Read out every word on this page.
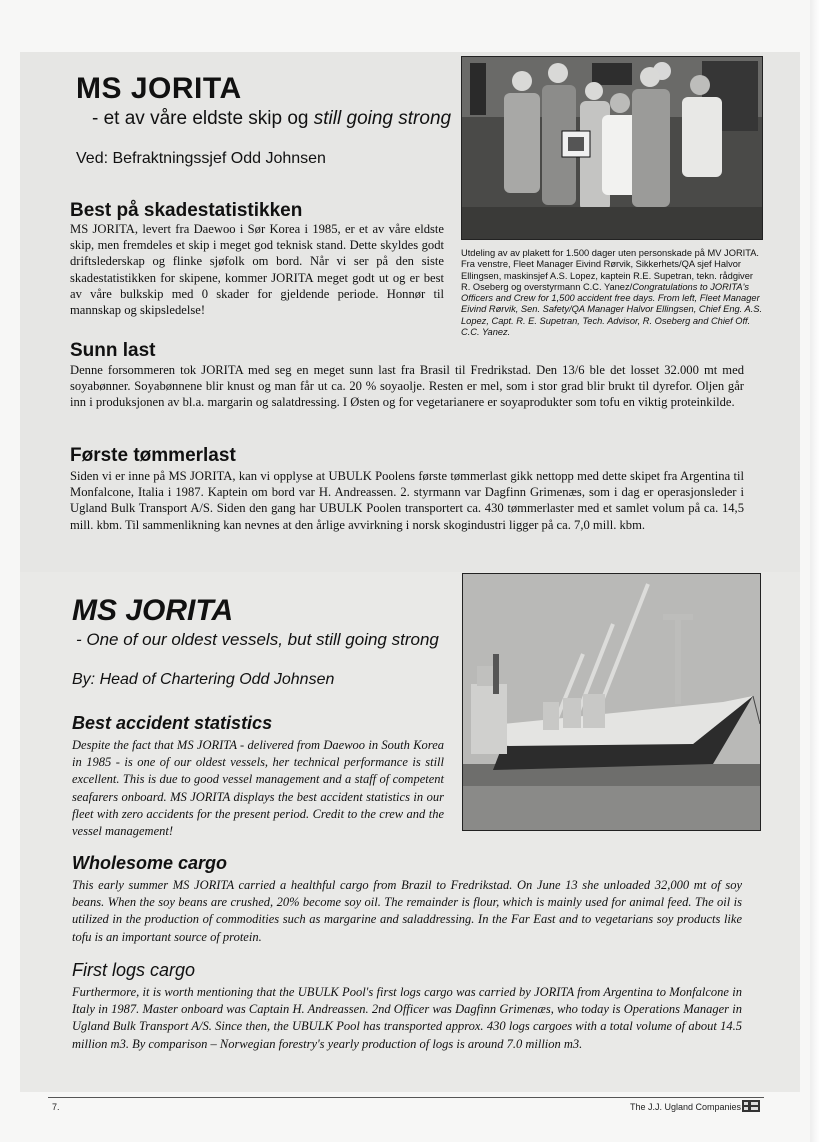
MS JORITA
- et av våre eldste skip og still going strong
Ved: Befraktningssjef Odd Johnsen
Utdeling av av plakett for 1.500 dager uten personskade på MV JORITA. Fra venstre, Fleet Manager Eivind Rørvik, Sikkerhets/QA sjef Halvor Ellingsen, maskinsjef A.S. Lopez, kaptein R.E. Supetran, tekn. rådgiver R. Oseberg og overstyrmann C.C. Yanez/Congratulations to JORITA's Officers and Crew for 1,500 accident free days. From left, Fleet Manager Eivind Rørvik, Sen. Safety/QA Manager Halvor Ellingsen, Chief Eng. A.S. Lopez, Capt. R. E. Supetran, Tech. Advisor, R. Oseberg and Chief Off. C.C. Yanez.
Best på skadestatistikken
MS JORITA, levert fra Daewoo i Sør Korea i 1985, er et av våre eldste skip, men fremdeles et skip i meget god teknisk stand. Dette skyldes godt driftslederskap og flinke sjøfolk om bord. Når vi ser på den siste skadestatistikken for skipene, kommer JORITA meget godt ut og er best av våre bulkskip med 0 skader for gjeldende periode. Honnør til mannskap og skipsledelse!
Sunn last
Denne forsommeren tok JORITA med seg en meget sunn last fra Brasil til Fredrikstad. Den 13/6 ble det losset 32.000 mt med soyabønner. Soyabønnene blir knust og man får ut ca. 20 % soyaolje. Resten er mel, som i stor grad blir brukt til dyrefor. Oljen går inn i produksjonen av bl.a. margarin og salatdressing. I Østen og for vegetarianere er soyaprodukter som tofu en viktig proteinkilde.
Første tømmerlast
Siden vi er inne på MS JORITA, kan vi opplyse at UBULK Poolens første tømmerlast gikk nettopp med dette skipet fra Argentina til Monfalcone, Italia i 1987. Kaptein om bord var H. Andreassen. 2. styrmann var Dagfinn Grimenæs, som i dag er operasjonsleder i Ugland Bulk Transport A/S. Siden den gang har UBULK Poolen transportert ca. 430 tømmerlaster med et samlet volum på ca. 14,5 mill. kbm. Til sammenlikning kan nevnes at den årlige avvirkning i norsk skogindustri ligger på ca. 7,0 mill. kbm.
MS JORITA
- One of our oldest vessels, but still going strong
By: Head of Chartering Odd Johnsen
Best accident statistics
Despite the fact that MS JORITA - delivered from Daewoo in South Korea in 1985 - is one of our oldest vessels, her technical performance is still excellent. This is due to good vessel management and a staff of competent seafarers onboard. MS JORITA displays the best accident statistics in our fleet with zero accidents for the present period. Credit to the crew and the vessel management!
Wholesome cargo
This early summer MS JORITA carried a healthful cargo from Brazil to Fredrikstad. On June 13 she unloaded 32,000 mt of soy beans. When the soy beans are crushed, 20% become soy oil. The remainder is flour, which is mainly used for animal feed. The oil is utilized in the production of commodities such as margarine and saladdressing. In the Far East and to vegetarians soy products like tofu is an important source of protein.
First logs cargo
Furthermore, it is worth mentioning that the UBULK Pool's first logs cargo was carried by JORITA from Argentina to Monfalcone in Italy in 1987. Master onboard was Captain H. Andreassen. 2nd Officer was Dagfinn Grimenæs, who today is Operations Manager in Ugland Bulk Transport A/S. Since then, the UBULK Pool has transported approx. 430 logs cargoes with a total volume of about 14.5 million m3. By comparison – Norwegian forestry's yearly production of logs is around 7.0 million m3.
7.	The J.J. Ugland Companies
